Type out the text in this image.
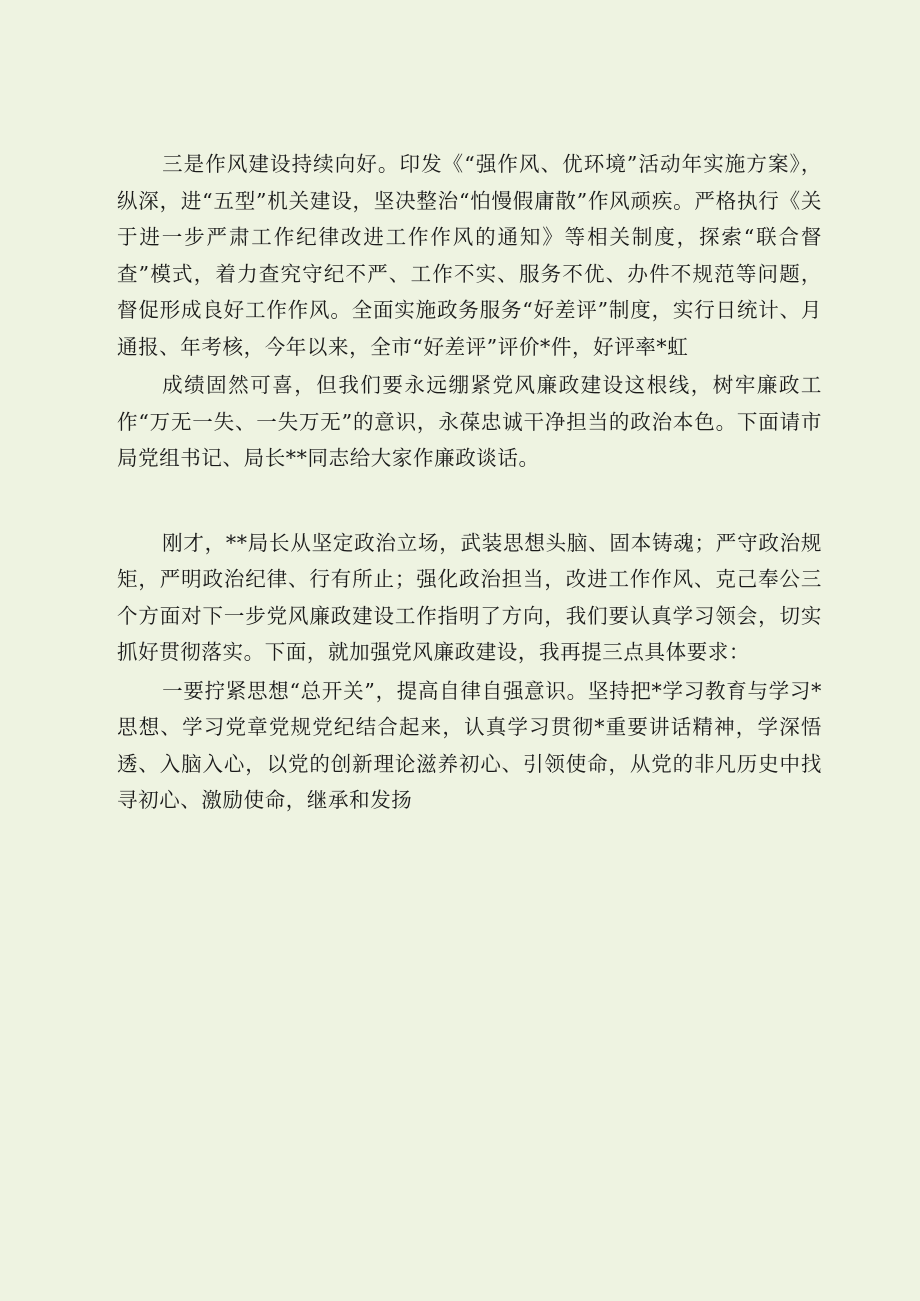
三是作风建设持续向好。印发《“强作风、优环境”活动年实施方案》，纵深，进“五型”机关建设，坚决整治“怕慢假庸散”作风顽疾。严格执行《关于进一步严肃工作纪律改进工作作风的通知》等相关制度，探索“联合督查”模式，着力查究守纪不严、工作不实、服务不优、办件不规范等问题，督促形成良好工作作风。全面实施政务服务“好差评”制度，实行日统计、月通报、年考核，今年以来，全市“好差评”评价*件，好评率*虹

成绩固然可喜，但我们要永远绷紧党风廉政建设这根线，树牢廉政工作“万无一失、一失万无”的意识，永葆忠诚干净担当的政治本色。下面请市局党组书记、局长**同志给大家作廉政谈话。

刚才，**局长从坚定政治立场，武装思想头脑、固本铸魂；严守政治规矩，严明政治纪律、行有所止；强化政治担当，改进工作作风、克己奉公三个方面对下一步党风廉政建设工作指明了方向，我们要认真学习领会，切实抓好贯彻落实。下面，就加强党风廉政建设，我再提三点具体要求：

一要拧紧思想“总开关”，提高自律自强意识。坚持把*学习教育与学习*思想、学习党章党规党纪结合起来，认真学习贯彻*重要讲话精神，学深悟透、入脑入心，以党的创新理论滋养初心、引领使命，从党的非凡历史中找寻初心、激励使命，继承和发扬
